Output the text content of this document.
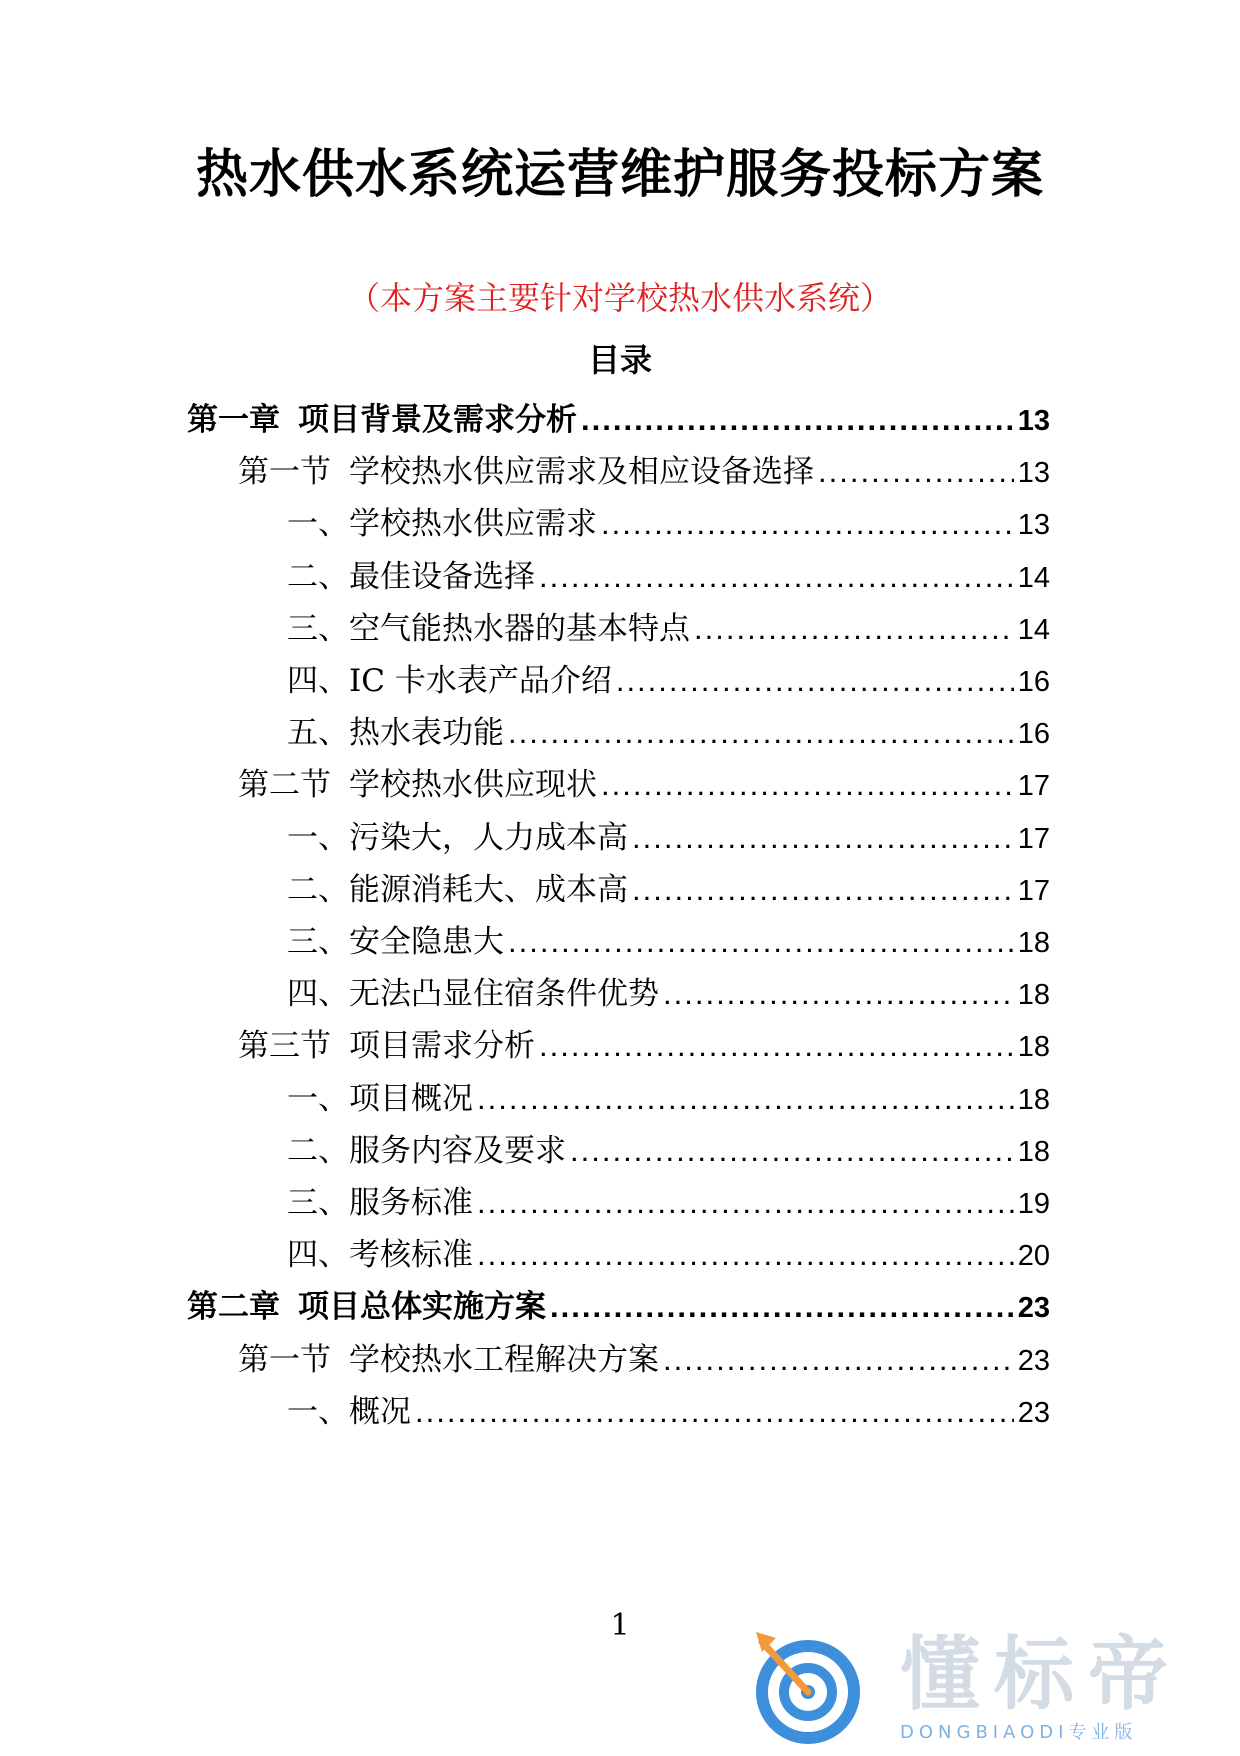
热水供水系统运营维护服务投标方案
（本方案主要针对学校热水供水系统）
目录
第一章 项目背景及需求分析 .....	13
第一节 学校热水供应需求及相应设备选择 .....	13
一、学校热水供应需求 .....	13
二、最佳设备选择 .....	14
三、空气能热水器的基本特点 .....	14
四、IC 卡水表产品介绍 .....	16
五、热水表功能 .....	16
第二节 学校热水供应现状 .....	17
一、污染大，人力成本高 .....	17
二、能源消耗大、成本高 .....	17
三、安全隐患大 .....	18
四、无法凸显住宿条件优势 .....	18
第三节 项目需求分析 .....	18
一、项目概况 .....	18
二、服务内容及要求 .....	18
三、服务标准 .....	19
四、考核标准 .....	20
第二章 项目总体实施方案 .....	23
第一节 学校热水工程解决方案 .....	23
一、概况 .....	23
1
懂标帝
DONGBIAODI专业版
